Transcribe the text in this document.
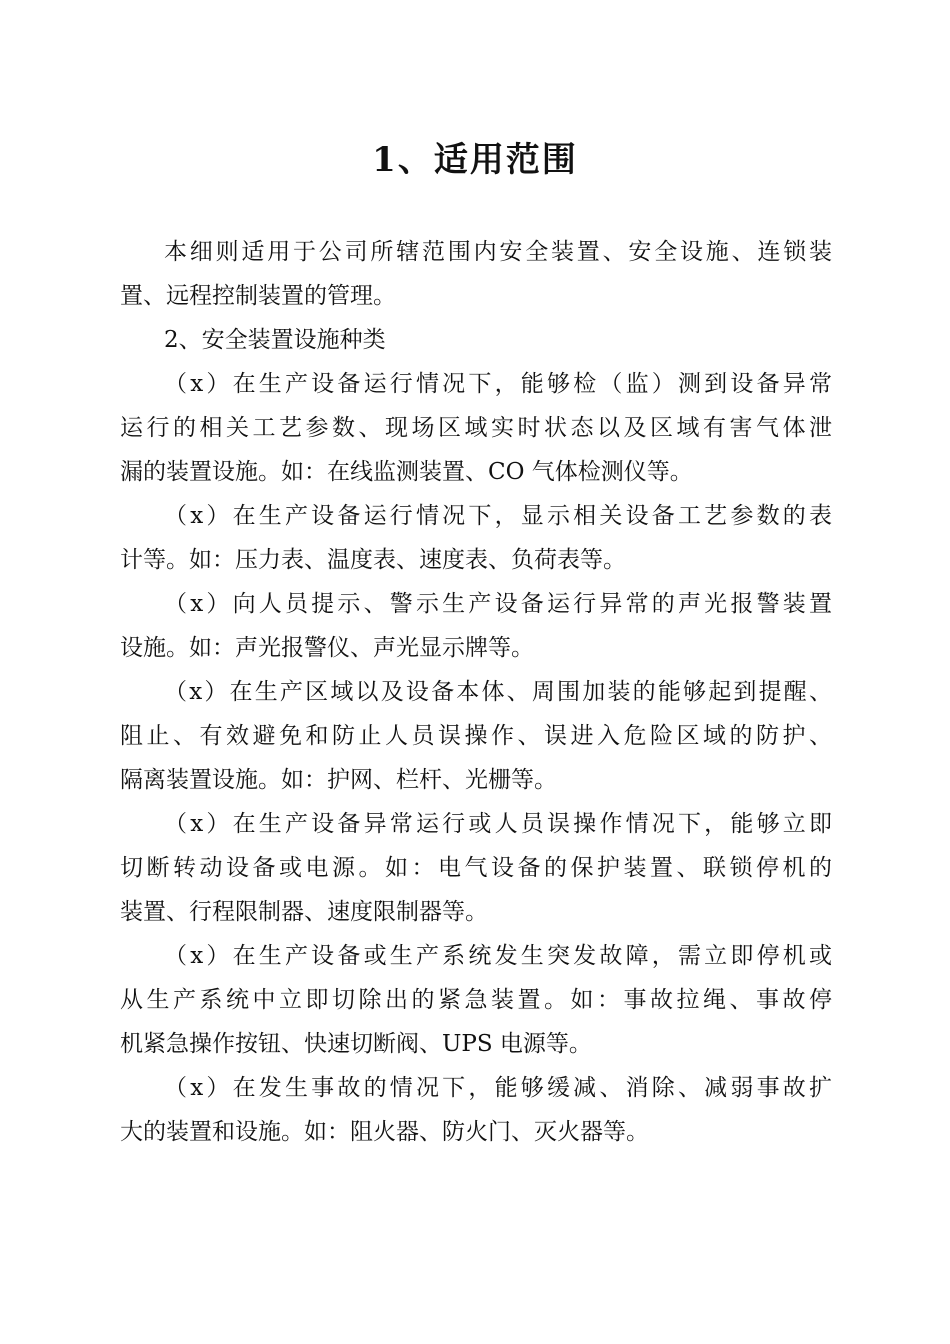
1、适用范围
本细则适用于公司所辖范围内安全装置、安全设施、连锁装
置、远程控制装置的管理。
2、安全装置设施种类
（x）在生产设备运行情况下，能够检（监）测到设备异常
运行的相关工艺参数、现场区域实时状态以及区域有害气体泄
漏的装置设施。如：在线监测装置、CO 气体检测仪等。
（x）在生产设备运行情况下，显示相关设备工艺参数的表
计等。如：压力表、温度表、速度表、负荷表等。
（x）向人员提示、警示生产设备运行异常的声光报警装置
设施。如：声光报警仪、声光显示牌等。
（x）在生产区域以及设备本体、周围加装的能够起到提醒、
阻止、有效避免和防止人员误操作、误进入危险区域的防护、
隔离装置设施。如：护网、栏杆、光栅等。
（x）在生产设备异常运行或人员误操作情况下，能够立即
切断转动设备或电源。如：电气设备的保护装置、联锁停机的
装置、行程限制器、速度限制器等。
（x）在生产设备或生产系统发生突发故障，需立即停机或
从生产系统中立即切除出的紧急装置。如：事故拉绳、事故停
机紧急操作按钮、快速切断阀、UPS 电源等。
（x）在发生事故的情况下，能够缓减、消除、减弱事故扩
大的装置和设施。如：阻火器、防火门、灭火器等。
